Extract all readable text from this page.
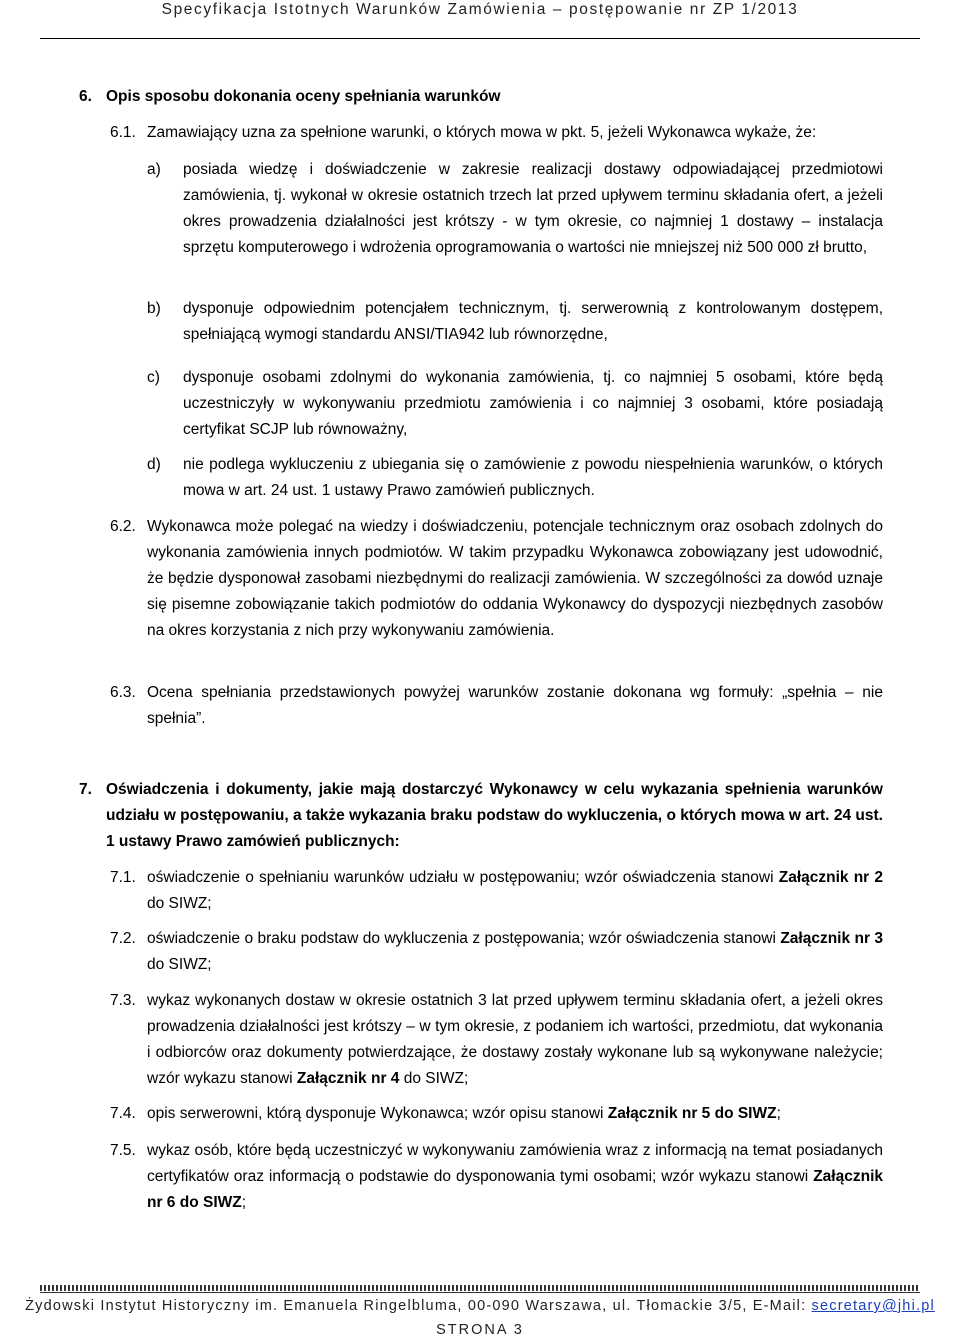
Specyfikacja Istotnych Warunków Zamówienia – postępowanie nr ZP 1/2013
6. Opis sposobu dokonania oceny spełniania warunków
6.1. Zamawiający uzna za spełnione warunki, o których mowa w pkt. 5, jeżeli Wykonawca wykaże, że:
a) posiada wiedzę i doświadczenie w zakresie realizacji dostawy odpowiadającej przedmiotowi zamówienia, tj. wykonał w okresie ostatnich trzech lat przed upływem terminu składania ofert, a jeżeli okres prowadzenia działalności jest krótszy - w tym okresie, co najmniej 1 dostawy – instalacja sprzętu komputerowego i wdrożenia oprogramowania o wartości nie mniejszej niż 500 000 zł brutto,
b) dysponuje odpowiednim potencjałem technicznym, tj. serwerownią z kontrolowanym dostępem, spełniającą wymogi standardu ANSI/TIA942 lub równorzędne,
c) dysponuje osobami zdolnymi do wykonania zamówienia, tj. co najmniej 5 osobami, które będą uczestniczyły w wykonywaniu przedmiotu zamówienia i co najmniej 3 osobami, które posiadają certyfikat SCJP lub równoważny,
d) nie podlega wykluczeniu z ubiegania się o zamówienie z powodu niespełnienia warunków, o których mowa w art. 24 ust. 1 ustawy Prawo zamówień publicznych.
6.2. Wykonawca może polegać na wiedzy i doświadczeniu, potencjale technicznym oraz osobach zdolnych do wykonania zamówienia innych podmiotów. W takim przypadku Wykonawca zobowiązany jest udowodnić, że będzie dysponował zasobami niezbędnymi do realizacji zamówienia. W szczególności za dowód uznaje się pisemne zobowiązanie takich podmiotów do oddania Wykonawcy do dyspozycji niezbędnych zasobów na okres korzystania z nich przy wykonywaniu zamówienia.
6.3. Ocena spełniania przedstawionych powyżej warunków zostanie dokonana wg formuły: „spełnia – nie spełnia”.
7. Oświadczenia i dokumenty, jakie mają dostarczyć Wykonawcy w celu wykazania spełnienia warunków udziału w postępowaniu, a także wykazania braku podstaw do wykluczenia, o których mowa w art. 24 ust. 1 ustawy Prawo zamówień publicznych:
7.1. oświadczenie o spełnianiu warunków udziału w postępowaniu; wzór oświadczenia stanowi Załącznik nr 2 do SIWZ;
7.2. oświadczenie o braku podstaw do wykluczenia z postępowania; wzór oświadczenia stanowi Załącznik nr 3 do SIWZ;
7.3. wykaz wykonanych dostaw w okresie ostatnich 3 lat przed upływem terminu składania ofert, a jeżeli okres prowadzenia działalności jest krótszy – w tym okresie, z podaniem ich wartości, przedmiotu, dat wykonania i odbiorców oraz dokumenty potwierdzające, że dostawy zostały wykonane lub są wykonywane należycie; wzór wykazu stanowi Załącznik nr 4 do SIWZ;
7.4. opis serwerowni, którą dysponuje Wykonawca; wzór opisu stanowi Załącznik nr 5 do SIWZ;
7.5. wykaz osób, które będą uczestniczyć w wykonywaniu zamówienia wraz z informacją na temat posiadanych certyfikatów oraz informacją o podstawie do dysponowania tymi osobami; wzór wykazu stanowi Załącznik nr 6 do SIWZ;
Żydowski Instytut Historyczny im. Emanuela Ringelbluma, 00-090 Warszawa, ul. Tłomackie 3/5, E-Mail: secretary@jhi.pl
STRONA 3
